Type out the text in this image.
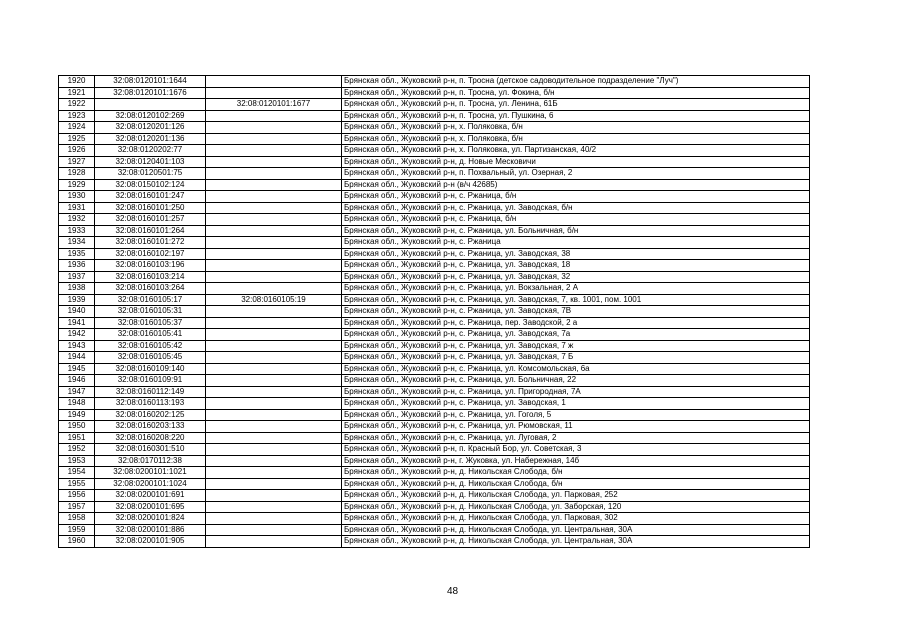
1920	32:08:0120101:1644		Брянская обл., Жуковский р-н, п. Тросна (детское садоводительное подразделение "Луч")
1921	32:08:0120101:1676		Брянская обл., Жуковский р-н, п. Тросна, ул. Фокина, б/н
1922		32:08:0120101:1677	Брянская обл., Жуковский р-н, п. Тросна, ул. Ленина, 61Б
1923	32:08:0120102:269		Брянская обл., Жуковский р-н, п. Тросна, ул. Пушкина, 6
1924	32:08:0120201:126		Брянская обл., Жуковский р-н, х. Поляковка, б/н
1925	32:08:0120201:136		Брянская обл., Жуковский р-н, х. Поляковка, б/н
1926	32:08:0120202:77		Брянская обл., Жуковский р-н, х. Поляковка, ул. Партизанская, 40/2
1927	32:08:0120401:103		Брянская обл., Жуковский р-н, д. Новые Месковичи
1928	32:08:0120501:75		Брянская обл., Жуковский р-н, п. Похвальный, ул. Озерная, 2
1929	32:08:0150102:124		Брянская обл., Жуковский р-н (в/ч 42685)
1930	32:08:0160101:247		Брянская обл., Жуковский р-н, с. Ржаница, б/н
1931	32:08:0160101:250		Брянская обл., Жуковский р-н, с. Ржаница, ул. Заводская, б/н
1932	32:08:0160101:257		Брянская обл., Жуковский р-н, с. Ржаница, б/н
1933	32:08:0160101:264		Брянская обл., Жуковский р-н, с. Ржаница, ул. Больничная, б/н
1934	32:08:0160101:272		Брянская обл., Жуковский р-н, с. Ржаница
1935	32:08:0160102:197		Брянская обл., Жуковский р-н, с. Ржаница, ул. Заводская, 38
1936	32:08:0160103:196		Брянская обл., Жуковский р-н, с. Ржаница, ул. Заводская, 18
1937	32:08:0160103:214		Брянская обл., Жуковский р-н, с. Ржаница, ул. Заводская, 32
1938	32:08:0160103:264		Брянская обл., Жуковский р-н, с. Ржаница, ул. Вокзальная, 2 А
1939	32:08:0160105:17	32:08:0160105:19	Брянская обл., Жуковский р-н, с. Ржаница, ул. Заводская, 7, кв. 1001, пом. 1001
1940	32:08:0160105:31		Брянская обл., Жуковский р-н, с. Ржаница, ул. Заводская, 7В
1941	32:08:0160105:37		Брянская обл., Жуковский р-н, с. Ржаница, пер. Заводской, 2 а
1942	32:08:0160105:41		Брянская обл., Жуковский р-н, с. Ржаница, ул. Заводская, 7а
1943	32:08:0160105:42		Брянская обл., Жуковский р-н, с. Ржаница, ул. Заводская, 7 ж
1944	32:08:0160105:45		Брянская обл., Жуковский р-н, с. Ржаница, ул. Заводская, 7 Б
1945	32:08:0160109:140		Брянская обл., Жуковский р-н, с. Ржаница, ул. Комсомольская, 6а
1946	32:08:0160109:91		Брянская обл., Жуковский р-н, с. Ржаница, ул. Больничная, 22
1947	32:08:0160112:149		Брянская обл., Жуковский р-н, с. Ржаница, ул. Пригородная, 7А
1948	32:08:0160113:193		Брянская обл., Жуковский р-н, с. Ржаница, ул. Заводская, 1
1949	32:08:0160202:125		Брянская обл., Жуковский р-н, с. Ржаница, ул. Гоголя, 5
1950	32:08:0160203:133		Брянская обл., Жуковский р-н, с. Ржаница, ул. Рюмовская, 11
1951	32:08:0160208:220		Брянская обл., Жуковский р-н, с. Ржаница, ул. Луговая, 2
1952	32:08:0160301:510		Брянская обл., Жуковский р-н, п. Красный Бор, ул. Советская, 3
1953	32:08:0170112:38		Брянская обл., Жуковский р-н, г. Жуковка, ул. Набережная, 14б
1954	32:08:0200101:1021		Брянская обл., Жуковский р-н, д. Никольская Слобода, б/н
1955	32:08:0200101:1024		Брянская обл., Жуковский р-н, д. Никольская Слобода, б/н
1956	32:08:0200101:691		Брянская обл., Жуковский р-н, д. Никольская Слобода, ул. Парковая, 252
1957	32:08:0200101:695		Брянская обл., Жуковский р-н, д. Никольская Слобода, ул. Заборская, 120
1958	32:08:0200101:824		Брянская обл., Жуковский р-н, д. Никольская Слобода, ул. Парковая, 302
1959	32:08:0200101:886		Брянская обл., Жуковский р-н, д. Никольская Слобода, ул. Центральная, 30А
1960	32:08:0200101:905		Брянская обл., Жуковский р-н, д. Никольская Слобода, ул. Центральная, 30А
48
